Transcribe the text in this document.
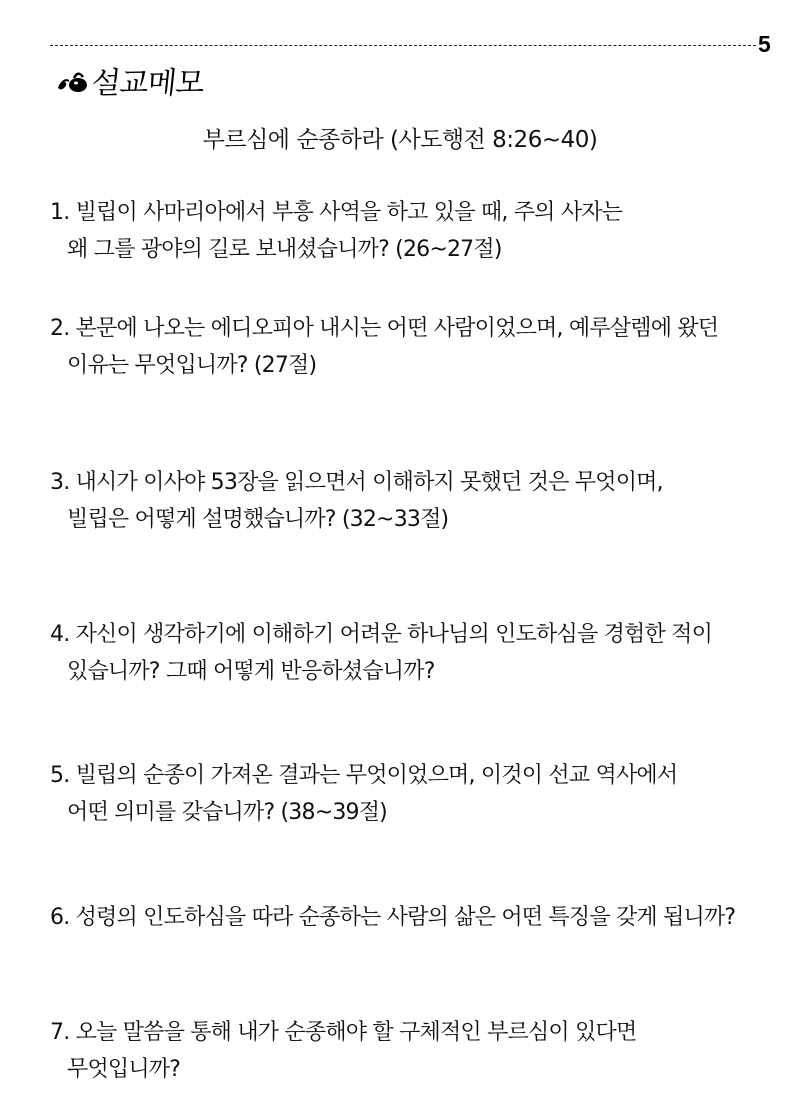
5
설교메모
부르심에 순종하라 (사도행전 8:26~40)
1. 빌립이 사마리아에서 부흥 사역을 하고 있을 때, 주의 사자는
왜 그를 광야의 길로 보내셨습니까? (26~27절)
2. 본문에 나오는 에디오피아 내시는 어떤 사람이었으며, 예루살렘에 왔던
이유는 무엇입니까? (27절)
3. 내시가 이사야 53장을 읽으면서 이해하지 못했던 것은 무엇이며,
빌립은 어떻게 설명했습니까? (32~33절)
4. 자신이 생각하기에 이해하기 어려운 하나님의 인도하심을 경험한 적이
있습니까? 그때 어떻게 반응하셨습니까?
5. 빌립의 순종이 가져온 결과는 무엇이었으며, 이것이 선교 역사에서
어떤 의미를 갖습니까? (38~39절)
6. 성령의 인도하심을 따라 순종하는 사람의 삶은 어떤 특징을 갖게 됩니까?
7. 오늘 말씀을 통해 내가 순종해야 할 구체적인 부르심이 있다면
무엇입니까?
